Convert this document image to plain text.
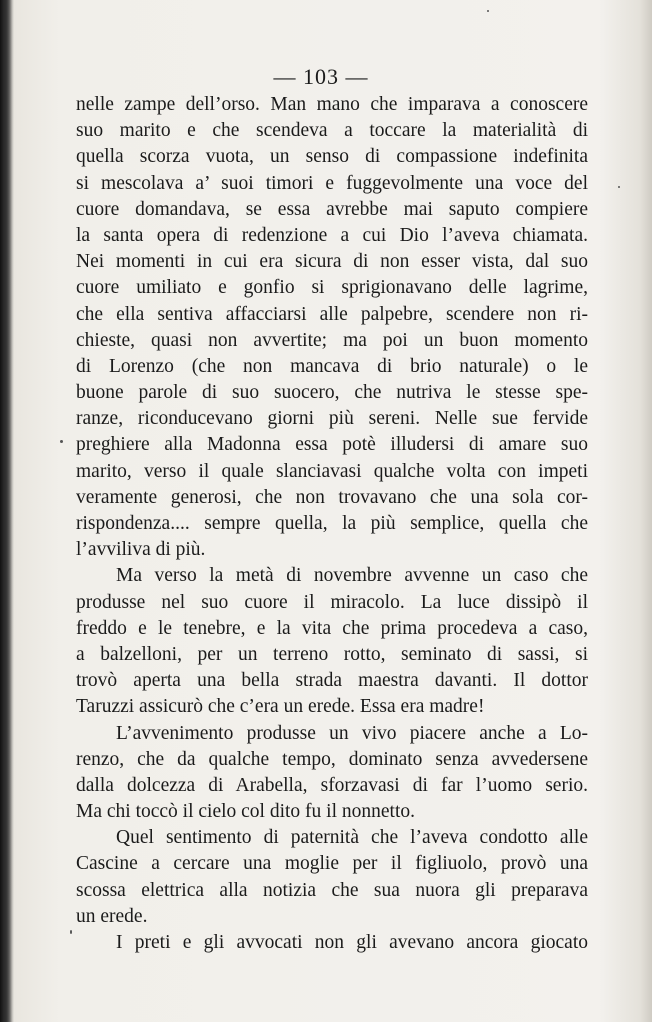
— 103 —
nelle zampe dell’orso. Man mano che imparava a conoscere
suo marito e che scendeva a toccare la materialità di
quella scorza vuota, un senso di compassione indefinita
si mescolava a’ suoi timori e fuggevolmente una voce del
cuore domandava, se essa avrebbe mai saputo compiere
la santa opera di redenzione a cui Dio l’aveva chiamata.
Nei momenti in cui era sicura di non esser vista, dal suo
cuore umiliato e gonfio si sprigionavano delle lagrime,
che ella sentiva affacciarsi alle palpebre, scendere non ri-
chieste, quasi non avvertite; ma poi un buon momento
di Lorenzo (che non mancava di brio naturale) o le
buone parole di suo suocero, che nutriva le stesse spe-
ranze, riconducevano giorni più sereni. Nelle sue fervide
preghiere alla Madonna essa potè illudersi di amare suo
marito, verso il quale slanciavasi qualche volta con impeti
veramente generosi, che non trovavano che una sola cor-
rispondenza.... sempre quella, la più semplice, quella che
l’avviliva di più.
Ma verso la metà di novembre avvenne un caso che
produsse nel suo cuore il miracolo. La luce dissipò il
freddo e le tenebre, e la vita che prima procedeva a caso,
a balzelloni, per un terreno rotto, seminato di sassi, si
trovò aperta una bella strada maestra davanti. Il dottor
Taruzzi assicurò che c’era un erede. Essa era madre!
L’avvenimento produsse un vivo piacere anche a Lo-
renzo, che da qualche tempo, dominato senza avvedersene
dalla dolcezza di Arabella, sforzavasi di far l’uomo serio.
Ma chi toccò il cielo col dito fu il nonnetto.
Quel sentimento di paternità che l’aveva condotto alle
Cascine a cercare una moglie per il figliuolo, provò una
scossa elettrica alla notizia che sua nuora gli preparava
un erede.
I preti e gli avvocati non gli avevano ancora giocato
